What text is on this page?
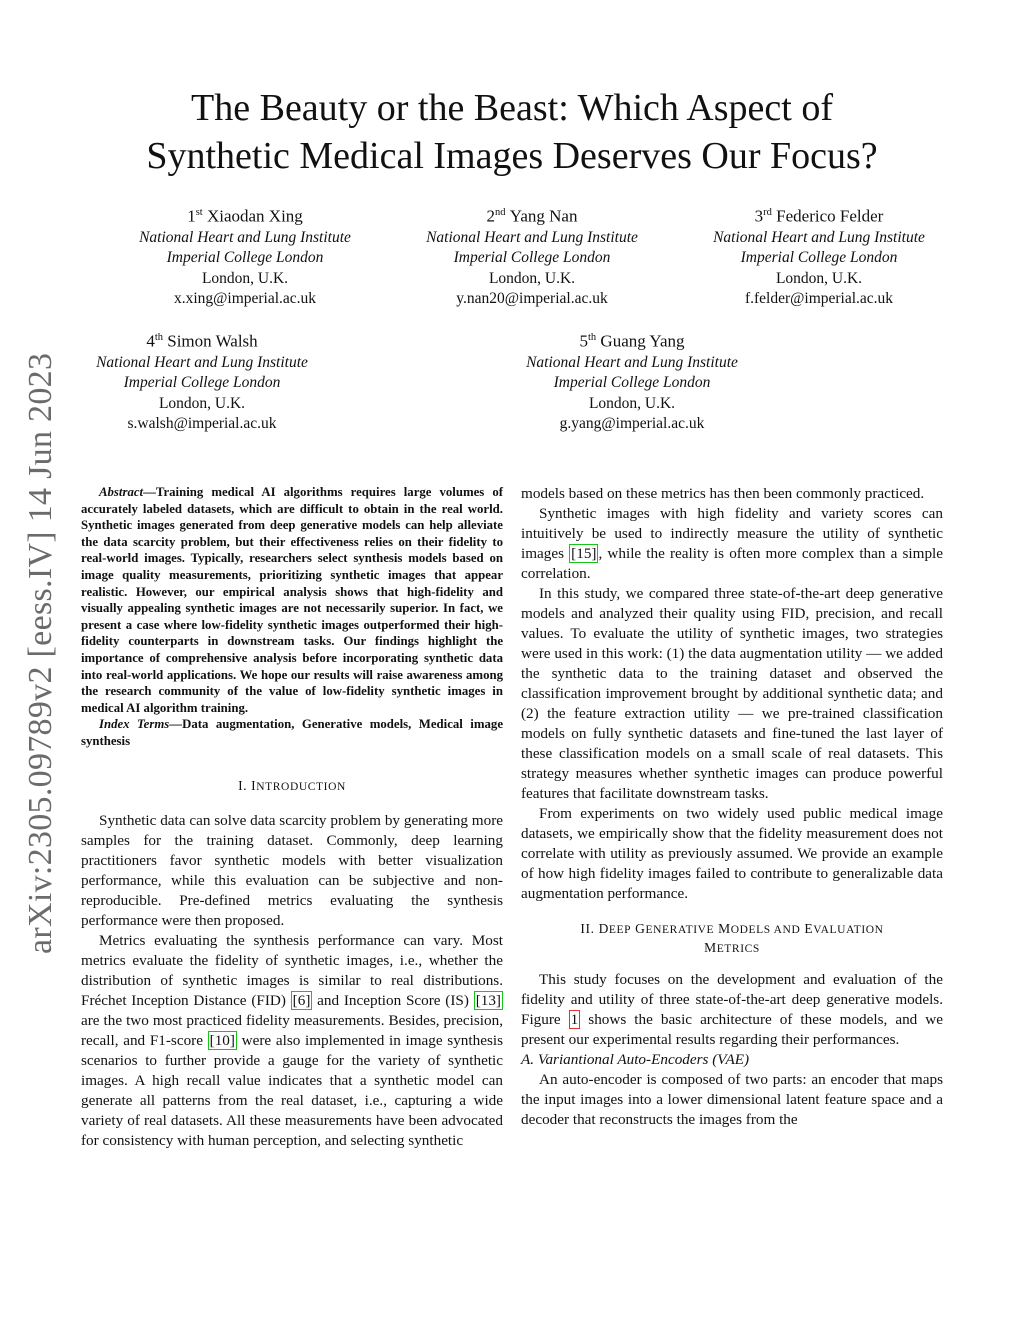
arXiv:2305.09789v2 [eess.IV] 14 Jun 2023
The Beauty or the Beast: Which Aspect of
Synthetic Medical Images Deserves Our Focus?
1st Xiaodan Xing
National Heart and Lung Institute
Imperial College London
London, U.K.
x.xing@imperial.ac.uk
2nd Yang Nan
National Heart and Lung Institute
Imperial College London
London, U.K.
y.nan20@imperial.ac.uk
3rd Federico Felder
National Heart and Lung Institute
Imperial College London
London, U.K.
f.felder@imperial.ac.uk
4th Simon Walsh
National Heart and Lung Institute
Imperial College London
London, U.K.
s.walsh@imperial.ac.uk
5th Guang Yang
National Heart and Lung Institute
Imperial College London
London, U.K.
g.yang@imperial.ac.uk

Abstract—Training medical AI algorithms requires large volumes of accurately labeled datasets, which are difficult to obtain in the real world. Synthetic images generated from deep generative models can help alleviate the data scarcity problem, but their effectiveness relies on their fidelity to real-world images. Typically, researchers select synthesis models based on image quality measurements, prioritizing synthetic images that appear realistic. However, our empirical analysis shows that high-fidelity and visually appealing synthetic images are not necessarily superior. In fact, we present a case where low-fidelity synthetic images outperformed their high-fidelity counterparts in downstream tasks. Our findings highlight the importance of comprehensive analysis before incorporating synthetic data into real-world applications. We hope our results will raise awareness among the research community of the value of low-fidelity synthetic images in medical AI algorithm training.

Index Terms—Data augmentation, Generative models, Medical image synthesis

I. INTRODUCTION

Synthetic data can solve data scarcity problem by generating more samples for the training dataset. Commonly, deep learning practitioners favor synthetic models with better visualization performance, while this evaluation can be subjective and non-reproducible. Pre-defined metrics evaluating the synthesis performance were then proposed.

Metrics evaluating the synthesis performance can vary. Most metrics evaluate the fidelity of synthetic images, i.e., whether the distribution of synthetic images is similar to real distributions. Fréchet Inception Distance (FID) [6] and Inception Score (IS) [13] are the two most practiced fidelity measurements. Besides, precision, recall, and F1-score [10] were also implemented in image synthesis scenarios to further provide a gauge for the variety of synthetic images. A high recall value indicates that a synthetic model can generate all patterns from the real dataset, i.e., capturing a wide variety of real datasets. All these measurements have been advocated for consistency with human perception, and selecting synthetic

models based on these metrics has then been commonly practiced.

Synthetic images with high fidelity and variety scores can intuitively be used to indirectly measure the utility of synthetic images [15] , while the reality is often more complex than a simple correlation.

In this study, we compared three state-of-the-art deep generative models and analyzed their quality using FID, precision, and recall values. To evaluate the utility of synthetic images, two strategies were used in this work: (1) the data augmentation utility — we added the synthetic data to the training dataset and observed the classification improvement brought by additional synthetic data; and (2) the feature extraction utility — we pre-trained classification models on fully synthetic datasets and fine-tuned the last layer of these classification models on a small scale of real datasets. This strategy measures whether synthetic images can produce powerful features that facilitate downstream tasks.

From experiments on two widely used public medical image datasets, we empirically show that the fidelity measurement does not correlate with utility as previously assumed. We provide an example of how high fidelity images failed to contribute to generalizable data augmentation performance.

II. DEEP GENERATIVE MODELS AND EVALUATION
METRICS

This study focuses on the development and evaluation of the fidelity and utility of three state-of-the-art deep generative models. Figure 1 shows the basic architecture of these models, and we present our experimental results regarding their performances.

A. Variantional Auto-Encoders (VAE)

An auto-encoder is composed of two parts: an encoder that maps the input images into a lower dimensional latent feature space and a decoder that reconstructs the images from the
